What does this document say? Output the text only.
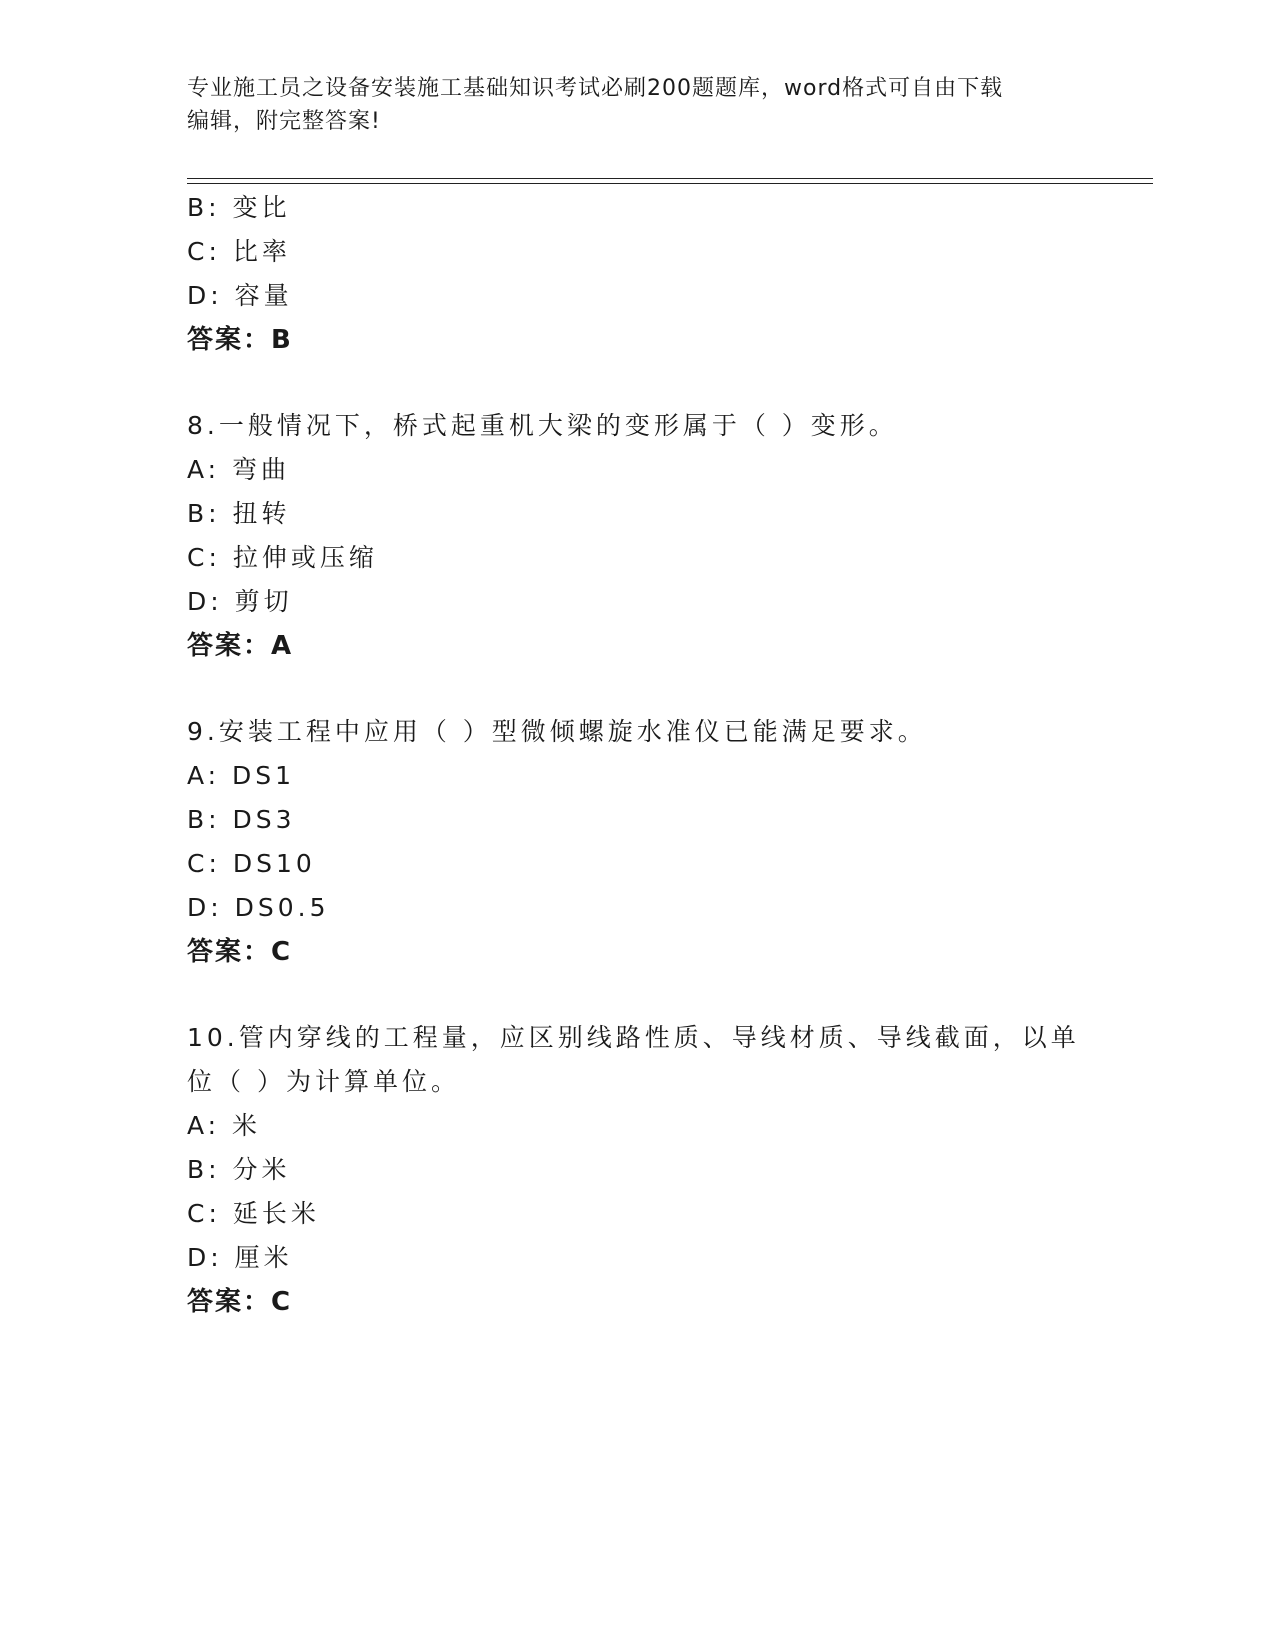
专业施工员之设备安装施工基础知识考试必刷200题题库，word格式可自由下载
编辑，附完整答案!
B: 变比
C: 比率
D: 容量
答案：B
8.一般情况下，桥式起重机大梁的变形属于（ ）变形。
A: 弯曲
B: 扭转
C: 拉伸或压缩
D: 剪切
答案：A
9.安装工程中应用（ ）型微倾螺旋水准仪已能满足要求。
A: DS1
B: DS3
C: DS10
D: DS0.5
答案：C
10.管内穿线的工程量，应区别线路性质、导线材质、导线截面，以单
位（ ）为计算单位。
A: 米
B: 分米
C: 延长米
D: 厘米
答案：C
